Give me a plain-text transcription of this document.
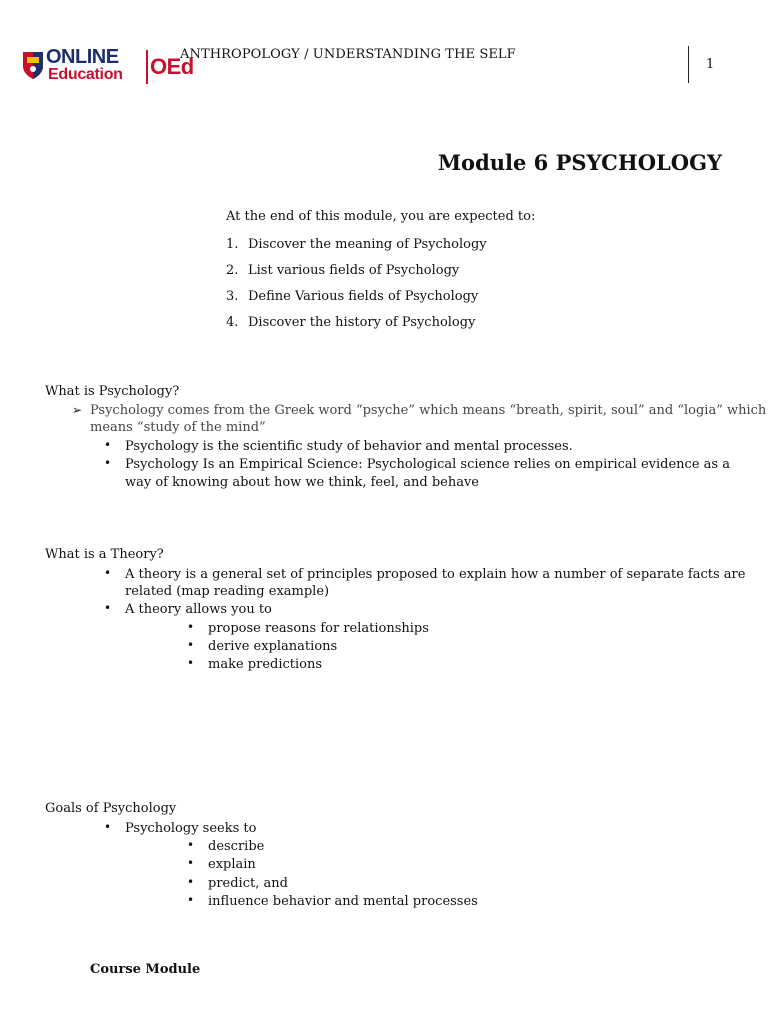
ONLINE
Education OEd
ANTHROPOLOGY / UNDERSTANDING THE SELF
1
Module 6 PSYCHOLOGY
At the end of this module, you are expected to:
1. Discover the meaning of Psychology
2. List various fields of Psychology
3. Define Various fields of Psychology
4. Discover the history of Psychology
What is Psychology?
➢ Psychology comes from the Greek word “psyche” which means “breath, spirit, soul” and “logia” which
means “study of the mind”
• Psychology is the scientific study of behavior and mental processes.
• Psychology Is an Empirical Science: Psychological science relies on empirical evidence as a
way of knowing about how we think, feel, and behave
What is a Theory?
• A theory is a general set of principles proposed to explain how a number of separate facts are
related (map reading example)
• A theory allows you to
• propose reasons for relationships
• derive explanations
• make predictions
Goals of Psychology
• Psychology seeks to
• describe
• explain
• predict, and
• influence behavior and mental processes
Course Module
